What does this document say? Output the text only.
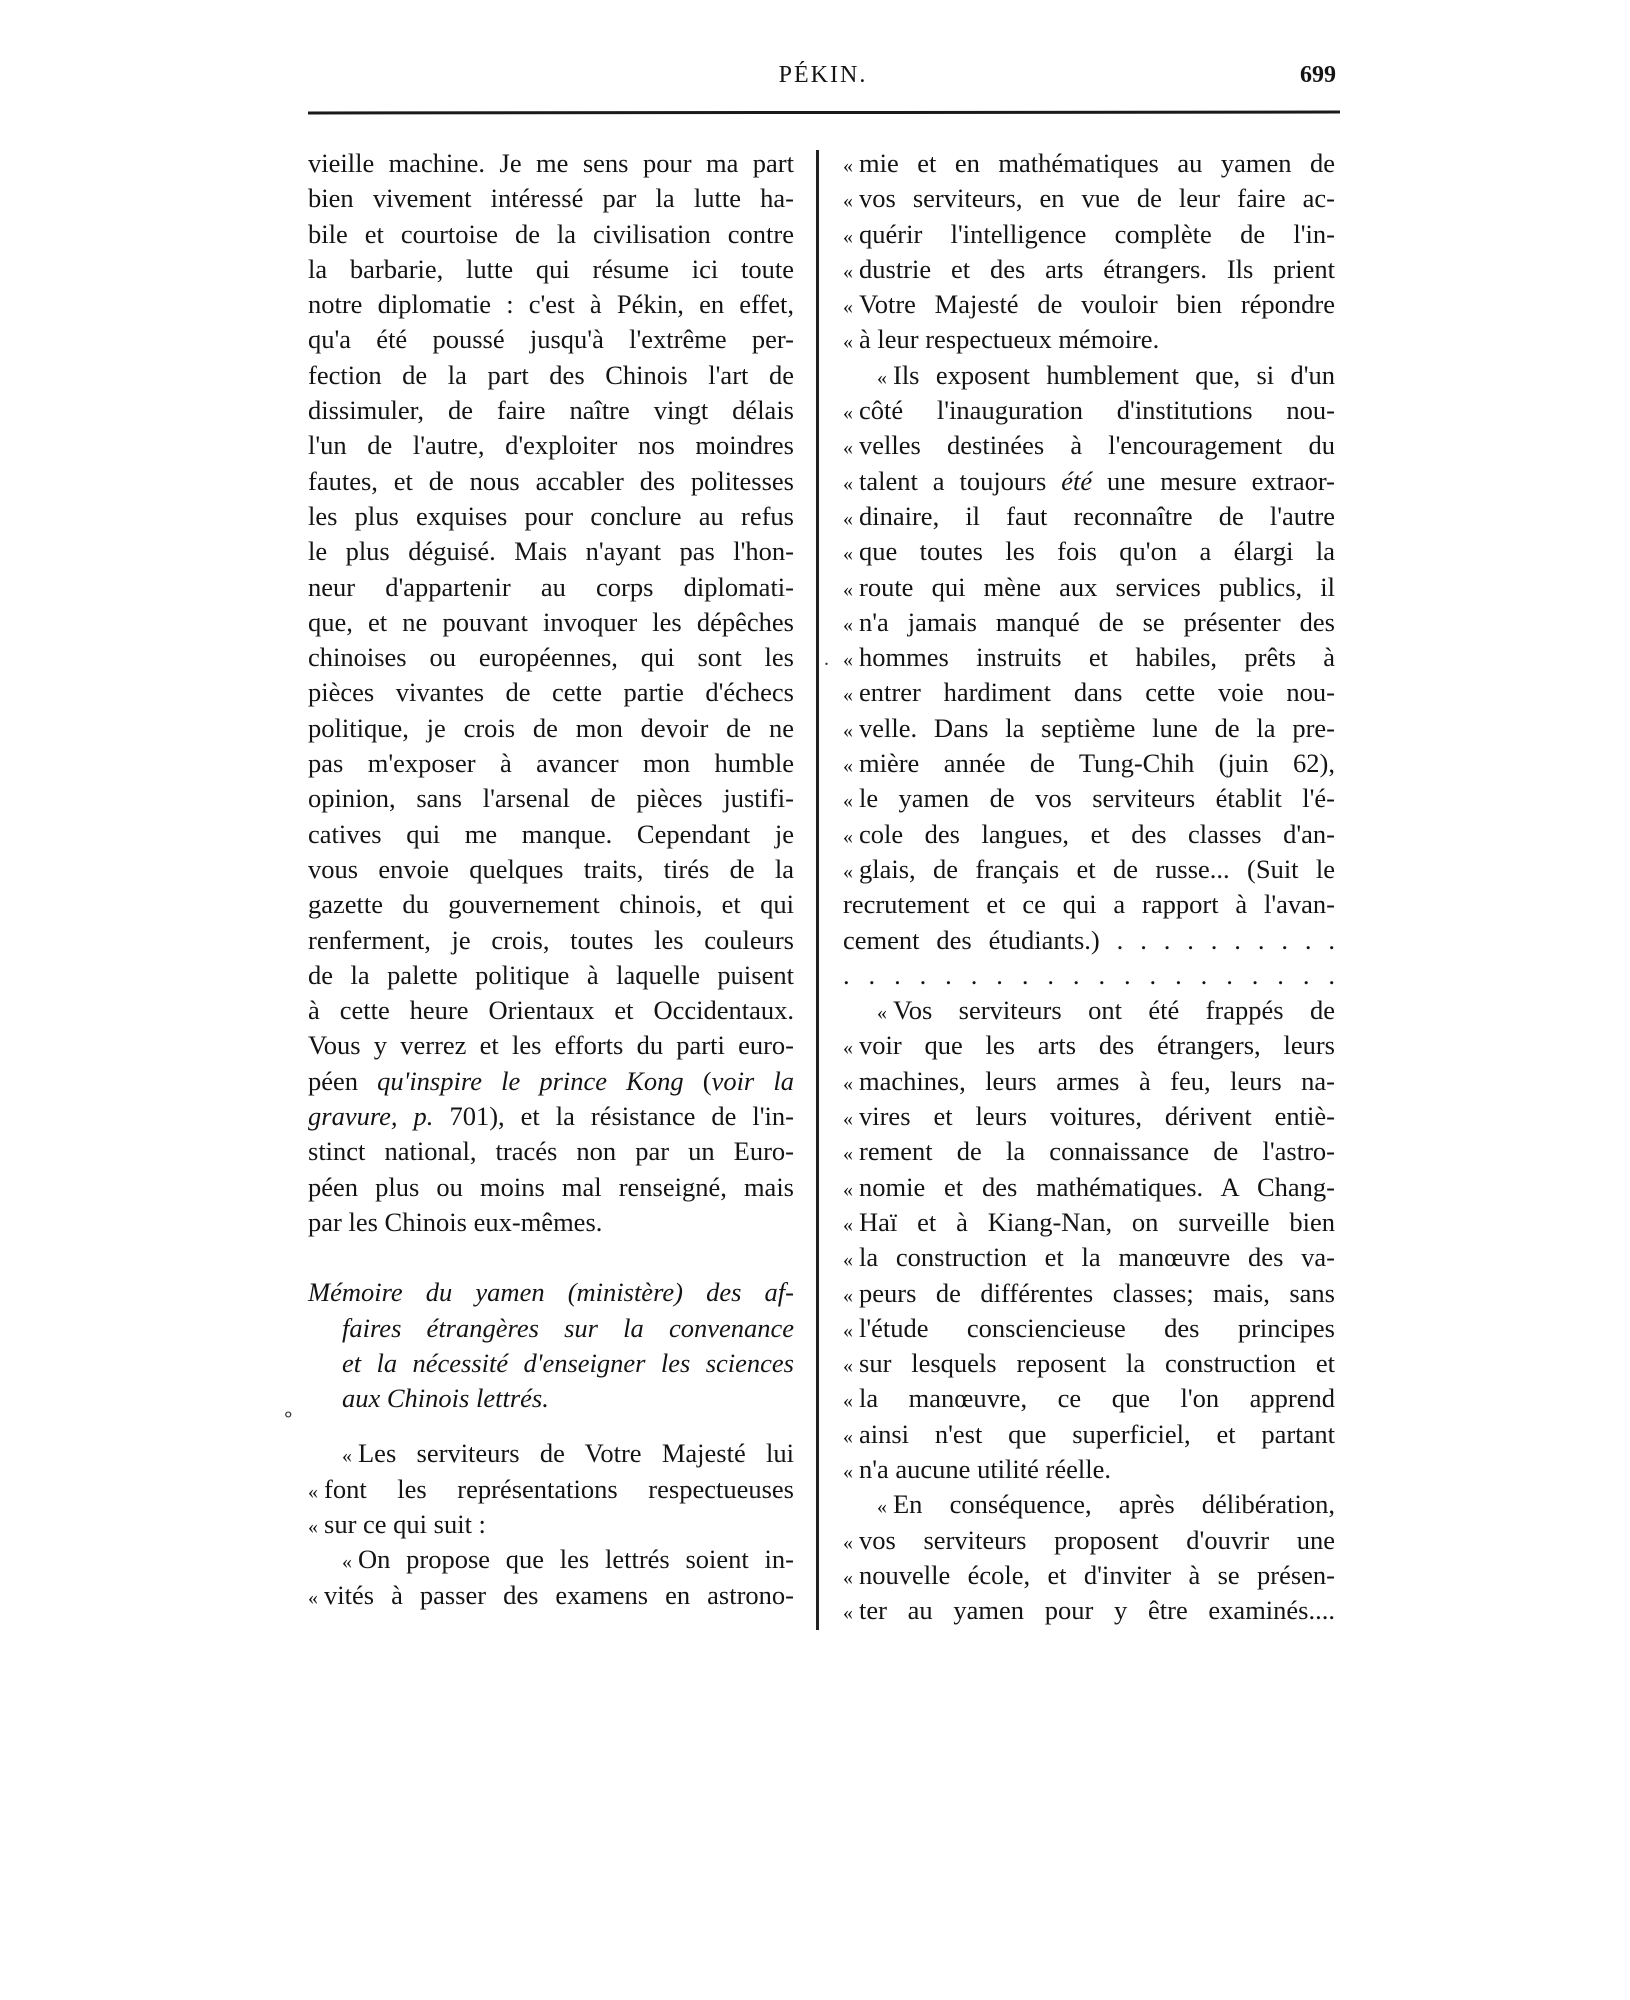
PÉKIN.	699
∘
.
vieille machine. Je me sens pour ma part
bien vivement intéressé par la lutte ha-
bile et courtoise de la civilisation contre
la barbarie, lutte qui résume ici toute
notre diplomatie : c'est à Pékin, en effet,
qu'a été poussé jusqu'à l'extrême per-
fection de la part des Chinois l'art de
dissimuler, de faire naître vingt délais
l'un de l'autre, d'exploiter nos moindres
fautes, et de nous accabler des politesses
les plus exquises pour conclure au refus
le plus déguisé. Mais n'ayant pas l'hon-
neur d'appartenir au corps diplomati-
que, et ne pouvant invoquer les dépêches
chinoises ou européennes, qui sont les
pièces vivantes de cette partie d'échecs
politique, je crois de mon devoir de ne
pas m'exposer à avancer mon humble
opinion, sans l'arsenal de pièces justifi-
catives qui me manque. Cependant je
vous envoie quelques traits, tirés de la
gazette du gouvernement chinois, et qui
renferment, je crois, toutes les couleurs
de la palette politique à laquelle puisent
à cette heure Orientaux et Occidentaux.
Vous y verrez et les efforts du parti euro-
péen qu'inspire le prince Kong (voir la
gravure, p. 701), et la résistance de l'in-
stinct national, tracés non par un Euro-
péen plus ou moins mal renseigné, mais
par les Chinois eux-mêmes.
Mémoire du yamen (ministère) des af-
faires étrangères sur la convenance
et la nécessité d'enseigner les sciences
aux Chinois lettrés.
« Les serviteurs de Votre Majesté lui
« font les représentations respectueuses
« sur ce qui suit :
« On propose que les lettrés soient in-
« vités à passer des examens en astrono-
« mie et en mathématiques au yamen de
« vos serviteurs, en vue de leur faire ac-
« quérir l'intelligence complète de l'in-
« dustrie et des arts étrangers. Ils prient
« Votre Majesté de vouloir bien répondre
« à leur respectueux mémoire.
« Ils exposent humblement que, si d'un
« côté l'inauguration d'institutions nou-
« velles destinées à l'encouragement du
« talent a toujours été une mesure extraor-
« dinaire, il faut reconnaître de l'autre
« que toutes les fois qu'on a élargi la
« route qui mène aux services publics, il
« n'a jamais manqué de se présenter des
« hommes instruits et habiles, prêts à
« entrer hardiment dans cette voie nou-
« velle. Dans la septième lune de la pre-
« mière année de Tung-Chih (juin 62),
« le yamen de vos serviteurs établit l'é-
« cole des langues, et des classes d'an-
« glais, de français et de russe... (Suit le
recrutement et ce qui a rapport à l'avan-
cement des étudiants.) . . . . . . . . . .
. . . . . . . . . . . . . . . . . . . .
« Vos serviteurs ont été frappés de
« voir que les arts des étrangers, leurs
« machines, leurs armes à feu, leurs na-
« vires et leurs voitures, dérivent entiè-
« rement de la connaissance de l'astro-
« nomie et des mathématiques. A Chang-
« Haï et à Kiang-Nan, on surveille bien
« la construction et la manœuvre des va-
« peurs de différentes classes; mais, sans
« l'étude consciencieuse des principes
« sur lesquels reposent la construction et
« la manœuvre, ce que l'on apprend
« ainsi n'est que superficiel, et partant
« n'a aucune utilité réelle.
« En conséquence, après délibération,
« vos serviteurs proposent d'ouvrir une
« nouvelle école, et d'inviter à se présen-
« ter au yamen pour y être examinés....
